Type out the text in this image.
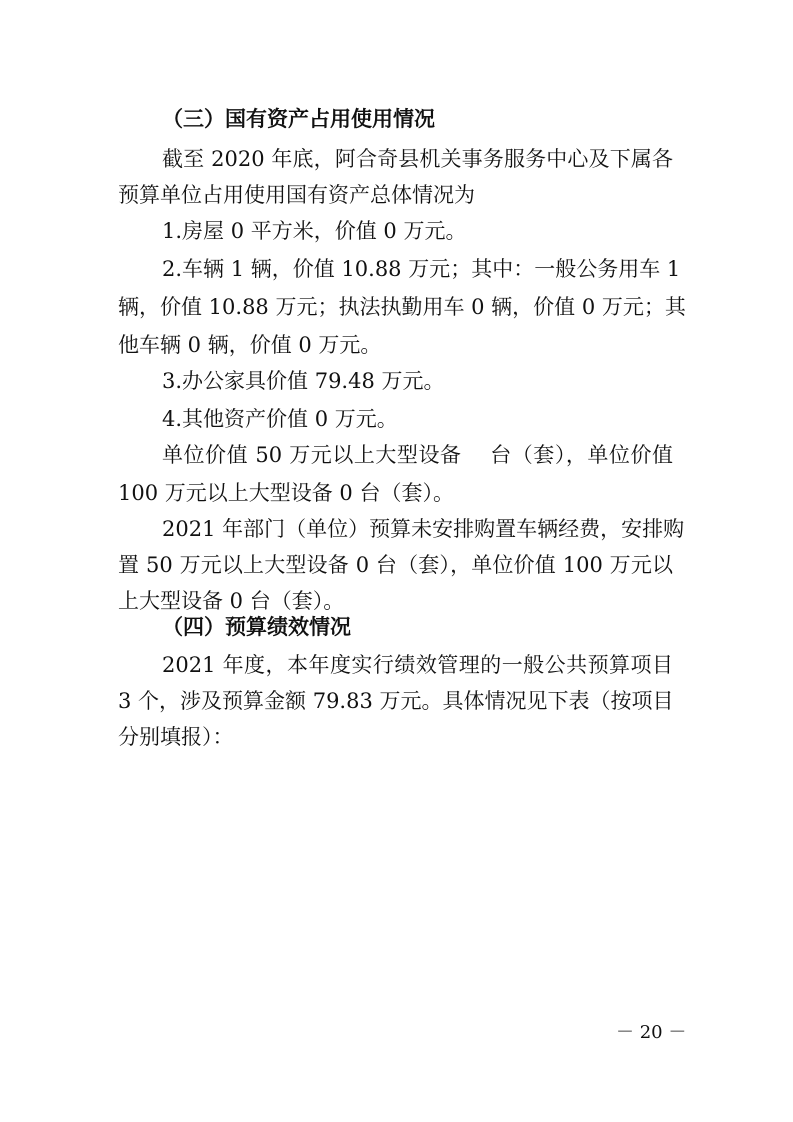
（三）国有资产占用使用情况
截至 2020 年底，阿合奇县机关事务服务中心及下属各
预算单位占用使用国有资产总体情况为
1.房屋 0 平方米，价值 0 万元。
2.车辆 1 辆，价值 10.88 万元；其中：一般公务用车 1
辆，价值 10.88 万元；执法执勤用车 0 辆，价值 0 万元；其
他车辆 0 辆，价值 0 万元。
3.办公家具价值 79.48 万元。
4.其他资产价值 0 万元。
单位价值 50 万元以上大型设备　 台（套），单位价值
100 万元以上大型设备 0 台（套）。
2021 年部门（单位）预算未安排购置车辆经费，安排购
置 50 万元以上大型设备 0 台（套），单位价值 100 万元以
上大型设备 0 台（套）。
（四）预算绩效情况
2021 年度，本年度实行绩效管理的一般公共预算项目
3 个，涉及预算金额 79.83 万元。具体情况见下表（按项目
分别填报）：
－ 20 －
